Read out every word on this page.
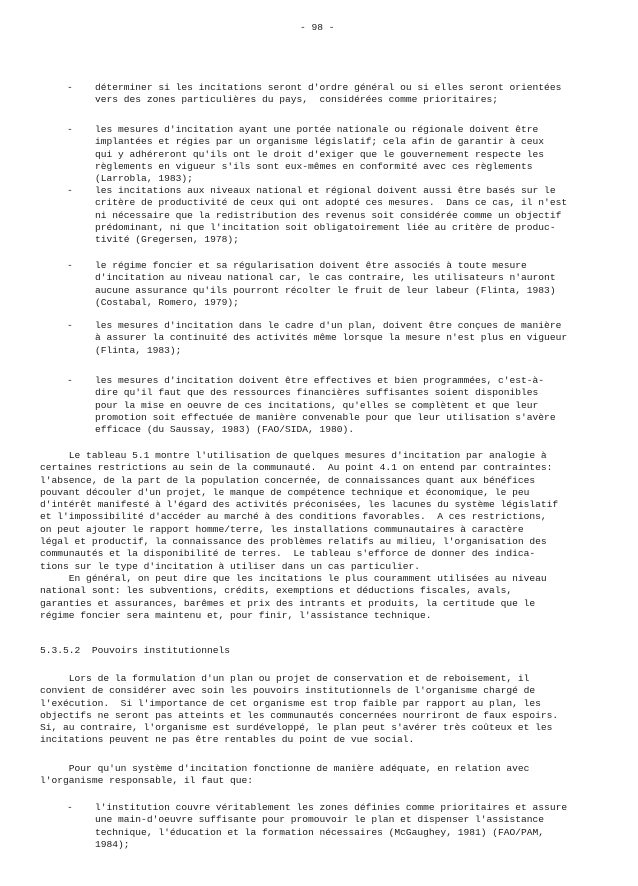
- 98 -
- déterminer si les incitations seront d'ordre général ou si elles seront orientées
vers des zones particulières du pays,  considérées comme prioritaires;
- les mesures d'incitation ayant une portée nationale ou régionale doivent être
implantées et régies par un organisme législatif; cela afin de garantir à ceux
qui y adhéreront qu'ils ont le droit d'exiger que le gouvernement respecte les
règlements en vigueur s'ils sont eux-mêmes en conformité avec ces règlements
(Larrobla, 1983);
- les incitations aux niveaux national et régional doivent aussi être basés sur le
critère de productivité de ceux qui ont adopté ces mesures.  Dans ce cas, il n'est
ni nécessaire que la redistribution des revenus soit considérée comme un objectif
prédominant, ni que l'incitation soit obligatoirement liée au critère de produc-
tivité (Gregersen, 1978);
- le régime foncier et sa régularisation doivent être associés à toute mesure
d'incitation au niveau national car, le cas contraire, les utilisateurs n'auront
aucune assurance qu'ils pourront récolter le fruit de leur labeur (Flinta, 1983)
(Costabal, Romero, 1979);
- les mesures d'incitation dans le cadre d'un plan, doivent être conçues de manière
à assurer la continuité des activités même lorsque la mesure n'est plus en vigueur
(Flinta, 1983);
- les mesures d'incitation doivent être effectives et bien programmées, c'est-à-
dire qu'il faut que des ressources financières suffisantes soient disponibles
pour la mise en oeuvre de ces incitations, qu'elles se complètent et que leur
promotion soit effectuée de manière convenable pour que leur utilisation s'avère
efficace (du Saussay, 1983) (FAO/SIDA, 1980).
Le tableau 5.1 montre l'utilisation de quelques mesures d'incitation par analogie à
certaines restrictions au sein de la communauté.  Au point 4.1 on entend par contraintes:
l'absence, de la part de la population concernée, de connaissances quant aux bénéfices
pouvant découler d'un projet, le manque de compétence technique et économique, le peu
d'intérêt manifesté à l'égard des activités préconisées, les lacunes du système législatif
et l'impossibilité d'accéder au marché à des conditions favorables.  A ces restrictions,
on peut ajouter le rapport homme/terre, les installations communautaires à caractère
légal et productif, la connaissance des problèmes relatifs au milieu, l'organisation des
communautés et la disponibilité de terres.  Le tableau s'efforce de donner des indica-
tions sur le type d'incitation à utiliser dans un cas particulier.
En général, on peut dire que les incitations le plus couramment utilisées au niveau
national sont: les subventions, crédits, exemptions et déductions fiscales, avals,
garanties et assurances, barêmes et prix des intrants et produits, la certitude que le
régime foncier sera maintenu et, pour finir, l'assistance technique.
5.3.5.2  Pouvoirs institutionnels
Lors de la formulation d'un plan ou projet de conservation et de reboisement, il
convient de considérer avec soin les pouvoirs institutionnels de l'organisme chargé de
l'exécution.  Si l'importance de cet organisme est trop faible par rapport au plan, les
objectifs ne seront pas atteints et les communautés concernées nourriront de faux espoirs.
Si, au contraire, l'organisme est surdéveloppé, le plan peut s'avérer très coûteux et les
incitations peuvent ne pas être rentables du point de vue social.
Pour qu'un système d'incitation fonctionne de manière adéquate, en relation avec
l'organisme responsable, il faut que:
- l'institution couvre véritablement les zones définies comme prioritaires et assure
une main-d'oeuvre suffisante pour promouvoir le plan et dispenser l'assistance
technique, l'éducation et la formation nécessaires (McGaughey, 1981) (FAO/PAM,
1984);
